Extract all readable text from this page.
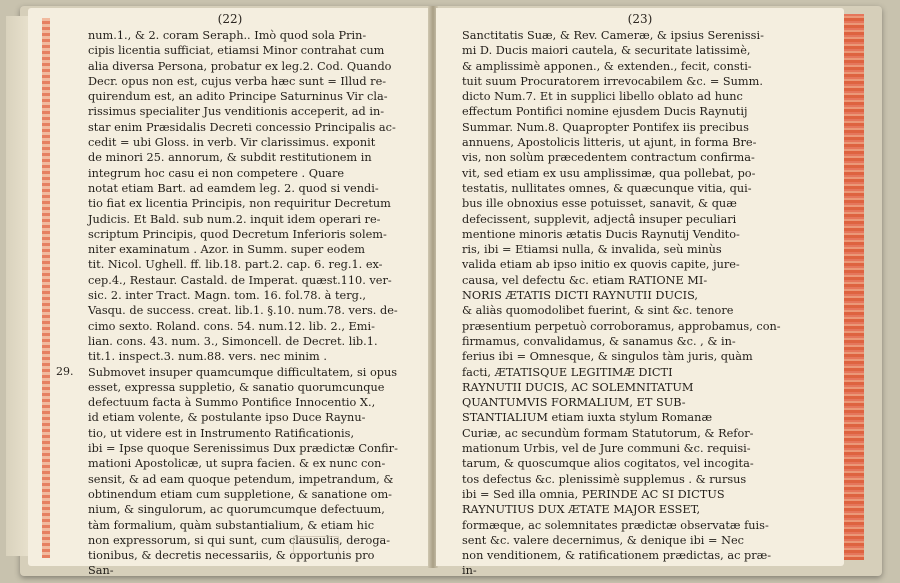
(22)
29.
num.1., & 2. coram Seraph.. Imò quod sola Prin-
cipis licentia sufficiat, etiamsi Minor contrahat cum
alia diversa Persona, probatur ex leg.2. Cod. Quando
Decr. opus non est, cujus verba hæc sunt = Illud re-
quirendum est, an adito Principe Saturninus Vir cla-
rissimus specialiter Jus venditionis acceperit, ad in-
star enim Præsidalis Decreti concessio Principalis ac-
cedit = ubi Gloss. in verb. Vir clarissimus. exponit
de minori 25. annorum, & subdit restitutionem in
integrum hoc casu ei non competere . Quare
notat etiam Bart. ad eamdem leg. 2. quod si vendi-
tio fiat ex licentia Principis, non requiritur Decretum
Judicis. Et Bald. sub num.2. inquit idem operari re-
scriptum Principis, quod Decretum Inferioris solem-
niter examinatum . Azor. in Summ. super eodem
tit. Nicol. Ughell. ff. lib.18. part.2. cap. 6. reg.1. ex-
cep.4., Restaur. Castald. de Imperat. quæst.110. ver-
sic. 2. inter Tract. Magn. tom. 16. fol.78. à terg.,
Vasqu. de success. creat. lib.1. §.10. num.78. vers. de-
cimo sexto. Roland. cons. 54. num.12. lib. 2., Emi-
lian. cons. 43. num. 3., Simoncell. de Decret. lib.1.
tit.1. inspect.3. num.88. vers. nec minim .
Submovet insuper quamcumque difficultatem, si opus
esset, expressa suppletio, & sanatio quorumcunque
defectuum facta à Summo Pontifice Innocentio X.,
id etiam volente, & postulante ipso Duce Raynu-
tio, ut videre est in Instrumento Ratificationis,
ibi = Ipse quoque Serenissimus Dux prædictæ Confir-
mationi Apostolicæ, ut supra facien. & ex nunc con-
sensit, & ad eam quoque petendum, impetrandum, &
obtinendum etiam cum suppletione, & sanatione om-
nium, & singulorum, ac quorumcumque defectuum,
tàm formalium, quàm substantialium, & etiam hic
non expressorum, si qui sunt, cum clausulis, deroga-
tionibus, & decretis necessariis, & opportunis pro
San-
(23)
Sanctitatis Suæ, & Rev. Cameræ, & ipsius Serenissi-
mi D. Ducis maiori cautela, & securitate latissimè,
& amplissimè apponen., & extenden., fecit, consti-
tuit suum Procuratorem irrevocabilem &c. = Summ.
dicto Num.7. Et in supplici libello oblato ad hunc
effectum Pontifici nomine ejusdem Ducis Raynutij
Summar. Num.8. Quapropter Pontifex iis precibus
annuens, Apostolicis litteris, ut ajunt, in forma Bre-
vis, non solùm præcedentem contractum confirma-
vit, sed etiam ex usu amplissimæ, qua pollebat, po-
testatis, nullitates omnes, & quæcunque vitia, qui-
bus ille obnoxius esse potuisset, sanavit, & quæ
defecissent, supplevit, adjectâ insuper peculiari
mentione minoris ætatis Ducis Raynutij Vendito-
ris, ibi = Etiamsi nulla, & invalida, seù minùs
valida etiam ab ipso initio ex quovis capite, jure-
causa, vel defectu &c. etiam RATIONE MI-
NORIS ÆTATIS DICTI RAYNUTII DUCIS,
& aliàs quomodolibet fuerint, & sint &c. tenore
præsentium perpetuò corroboramus, approbamus, con-
firmamus, convalidamus, & sanamus &c. , & in-
ferius ibi = Omnesque, & singulos tàm juris, quàm
facti, ÆTATISQUE LEGITIMÆ DICTI
RAYNUTII DUCIS, AC SOLEMNITATUM
QUANTUMVIS FORMALIUM, ET SUB-
STANTIALIUM etiam iuxta stylum Romanæ
Curiæ, ac secundùm formam Statutorum, & Refor-
mationum Urbis, vel de Jure communi &c. requisi-
tarum, & quoscumque alios cogitatos, vel incogita-
tos defectus &c. plenissimè supplemus . & rursus
ibi = Sed illa omnia, PERINDE AC SI DICTUS
RAYNUTIUS DUX ÆTATE MAJOR ESSET,
formæque, ac solemnitates prædictæ observatæ fuis-
sent &c. valere decernimus, & denique ibi = Nec
non venditionem, & ratificationem prædictas, ac præ-
in-
